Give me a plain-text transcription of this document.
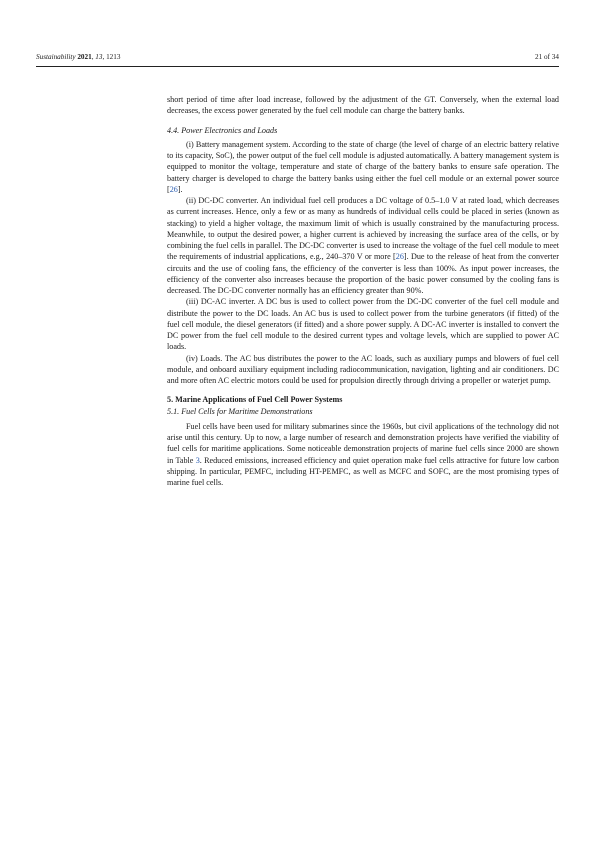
Sustainability 2021, 13, 1213	21 of 34

short period of time after load increase, followed by the adjustment of the GT. Conversely, when the external load decreases, the excess power generated by the fuel cell module can charge the battery banks.

4.4. Power Electronics and Loads

(i) Battery management system. According to the state of charge (the level of charge of an electric battery relative to its capacity, SoC), the power output of the fuel cell module is adjusted automatically. A battery management system is equipped to monitor the voltage, temperature and state of charge of the battery banks to ensure safe operation. The battery charger is developed to charge the battery banks using either the fuel cell module or an external power source [26].

(ii) DC-DC converter. An individual fuel cell produces a DC voltage of 0.5–1.0 V at rated load, which decreases as current increases. Hence, only a few or as many as hundreds of individual cells could be placed in series (known as stacking) to yield a higher voltage, the maximum limit of which is usually constrained by the manufacturing process. Meanwhile, to output the desired power, a higher current is achieved by increasing the surface area of the cells, or by combining the fuel cells in parallel. The DC-DC converter is used to increase the voltage of the fuel cell module to meet the requirements of industrial applications, e.g., 240–370 V or more [26]. Due to the release of heat from the converter circuits and the use of cooling fans, the efficiency of the converter is less than 100%. As input power increases, the efficiency of the converter also increases because the proportion of the basic power consumed by the cooling fans is decreased. The DC-DC converter normally has an efficiency greater than 90%.

(iii) DC-AC inverter. A DC bus is used to collect power from the DC-DC converter of the fuel cell module and distribute the power to the DC loads. An AC bus is used to collect power from the turbine generators (if fitted) of the fuel cell module, the diesel generators (if fitted) and a shore power supply. A DC-AC inverter is installed to convert the DC power from the fuel cell module to the desired current types and voltage levels, which are supplied to power AC loads.

(iv) Loads. The AC bus distributes the power to the AC loads, such as auxiliary pumps and blowers of fuel cell module, and onboard auxiliary equipment including radiocommunication, navigation, lighting and air conditioners. DC and more often AC electric motors could be used for propulsion directly through driving a propeller or waterjet pump.

5. Marine Applications of Fuel Cell Power Systems

5.1. Fuel Cells for Maritime Demonstrations

Fuel cells have been used for military submarines since the 1960s, but civil applications of the technology did not arise until this century. Up to now, a large number of research and demonstration projects have verified the viability of fuel cells for maritime applications. Some noticeable demonstration projects of marine fuel cells since 2000 are shown in Table 3. Reduced emissions, increased efficiency and quiet operation make fuel cells attractive for future low carbon shipping. In particular, PEMFC, including HT-PEMFC, as well as MCFC and SOFC, are the most promising types of marine fuel cells.
